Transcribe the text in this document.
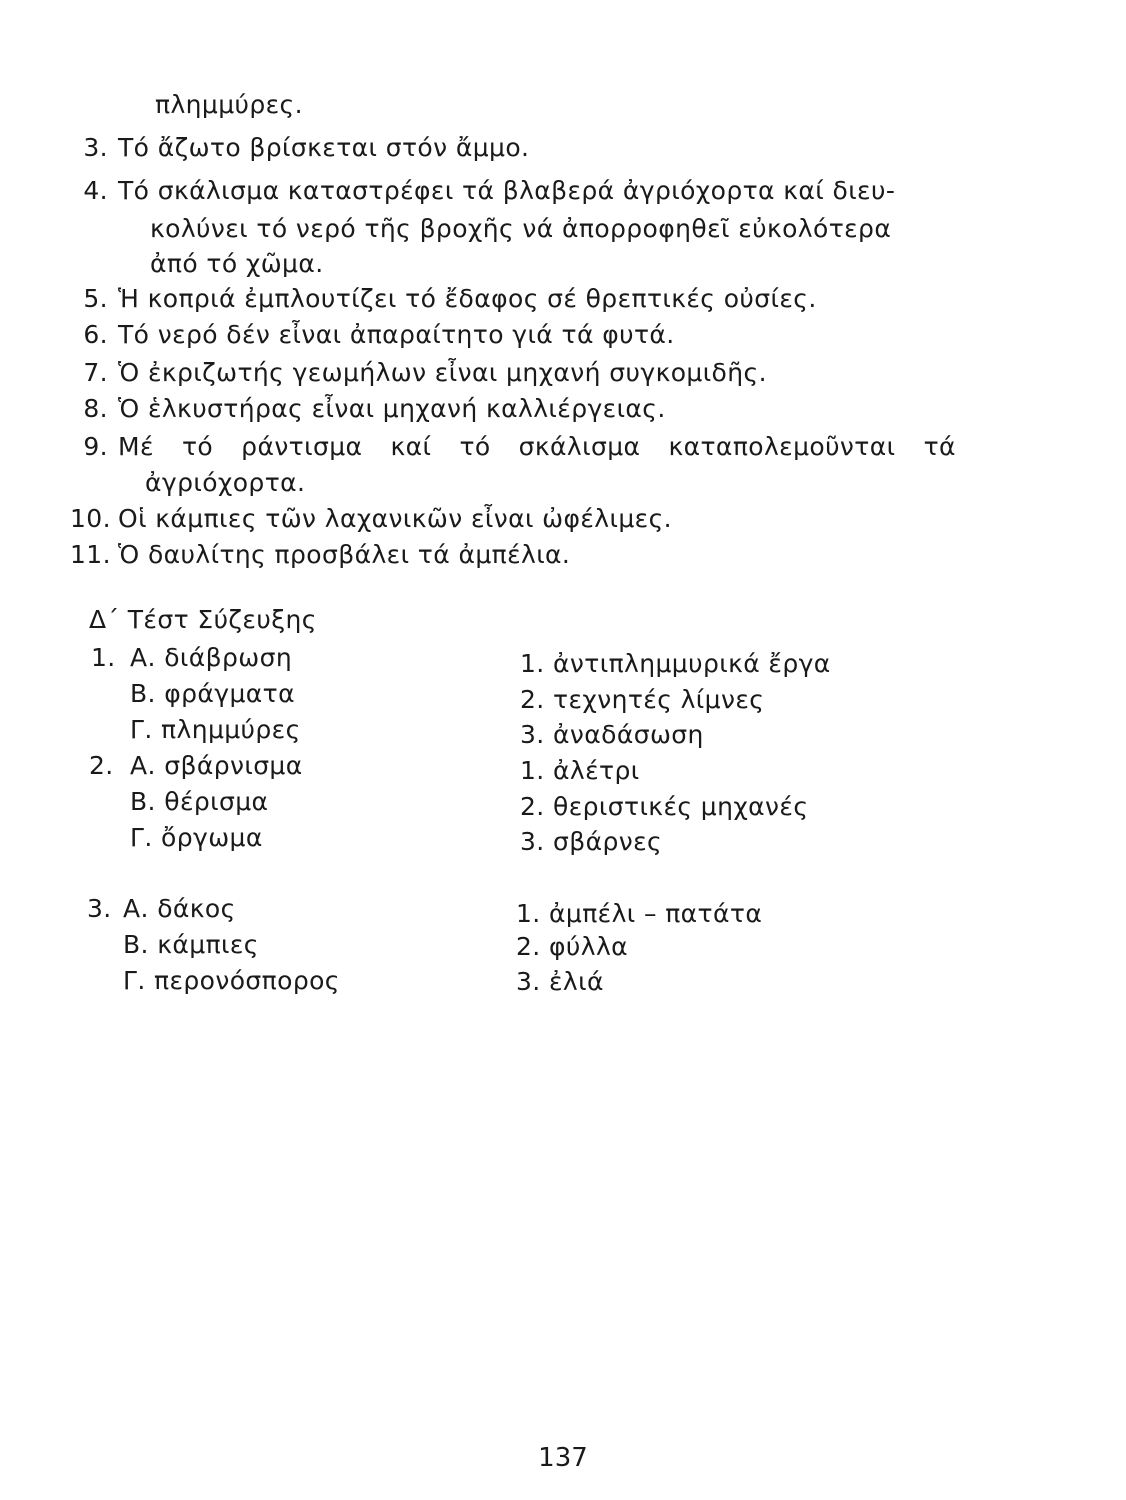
πλημμύρες.
3. Τό ἄζωτο βρίσκεται στόν ἄμμο.
4. Τό σκάλισμα καταστρέφει τά βλαβερά ἀγριόχορτα καί διευ-
κολύνει τό νερό τῆς βροχῆς νά ἀπορροφηθεῖ εὐκολότερα
ἀπό τό χῶμα.
5. Ἡ κοπριά ἐμπλουτίζει τό ἔδαφος σέ θρεπτικές οὐσίες.
6. Τό νερό δέν εἶναι ἀπαραίτητο γιά τά φυτά.
7. Ὁ ἐκριζωτής γεωμήλων εἶναι μηχανή συγκομιδῆς.
8. Ὁ ἑλκυστήρας εἶναι μηχανή καλλιέργειας.
9. Μέ τό ράντισμα καί τό σκάλισμα καταπολεμοῦνται τά
ἀγριόχορτα.
10. Οἱ κάμπιες τῶν λαχανικῶν εἶναι ὠφέλιμες.
11. Ὁ δαυλίτης προσβάλει τά ἀμπέλια.
Δ΄ Τέστ Σύζευξης
1. Α. διάβρωση
Β. φράγματα
Γ. πλημμύρες
1. ἀντιπλημμυρικά ἔργα
2. τεχνητές λίμνες
3. ἀναδάσωση
2. Α. σβάρνισμα
Β. θέρισμα
Γ. ὄργωμα
1. ἀλέτρι
2. θεριστικές μηχανές
3. σβάρνες
3. Α. δάκος
Β. κάμπιες
Γ. περονόσπορος
1. ἀμπέλι – πατάτα
2. φύλλα
3. ἐλιά
137
